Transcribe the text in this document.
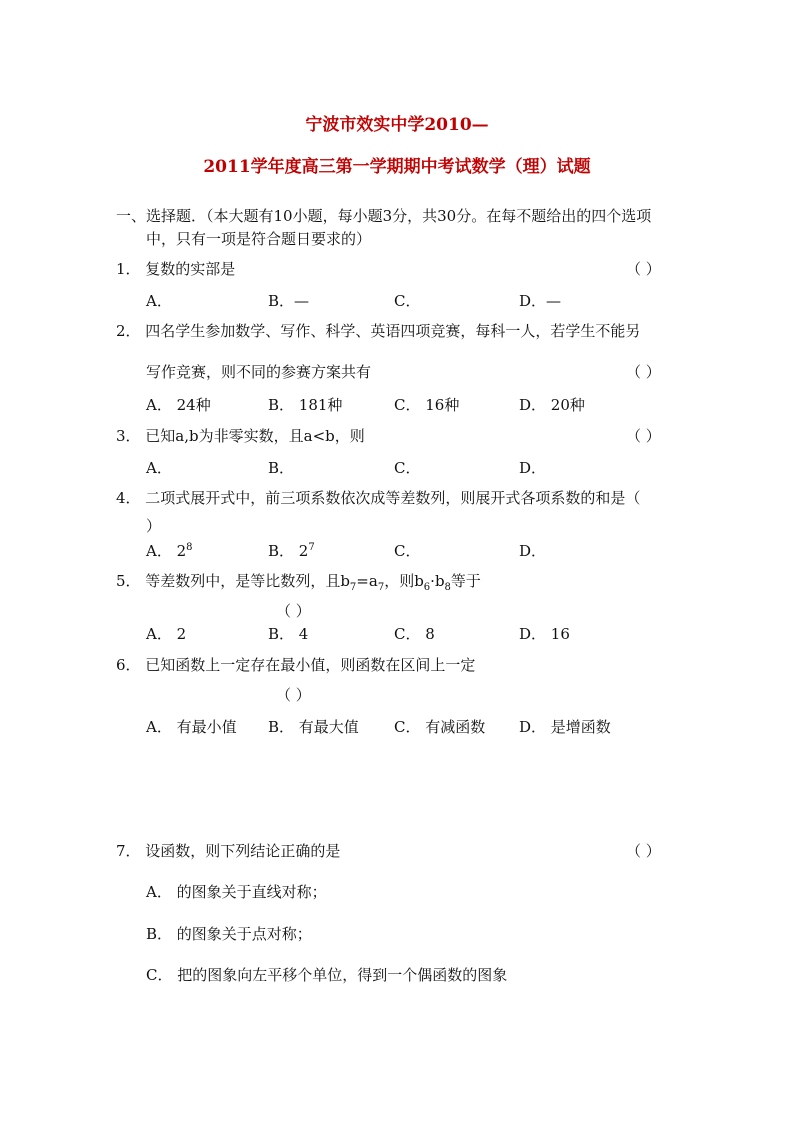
宁波市效实中学2010—
2011学年度高三第一学期期中考试数学（理）试题
一、选择题．（本大题有10小题，每小题3分，共30分。在每不题给出的四个选项
中，只有一项是符合题日要求的）
1． 复数的实部是	（ ）
A．	B．—	C．	D．—
2． 四名学生参加数学、写作、科学、英语四项竞赛，每科一人，若学生不能另
写作竞赛，则不同的参赛方案共有	（ ）
A． 24种	B． 181种	C． 16种	D． 20种
3． 已知a,b为非零实数，且a<b，则	（ ）
A．	B．	C．	D．
4． 二项式展开式中，前三项系数依次成等差数列，则展开式各项系数的和是（
）
A． $2^8$	B． $2^7$	C．	D．
5． 等差数列中，是等比数列，且$b_7=a_7$，则$b_6\cdot b_8$等于
（ ）
A． 2	B． 4	C． 8	D． 16
6． 已知函数上一定存在最小值，则函数在区间上一定
（ ）
A． 有最小值 B． 有最大值 C． 有减函数 D． 是增函数
7． 设函数，则下列结论正确的是	（ ）
A． 的图象关于直线对称；
B． 的图象关于点对称；
C． 把的图象向左平移个单位，得到一个偶函数的图象
